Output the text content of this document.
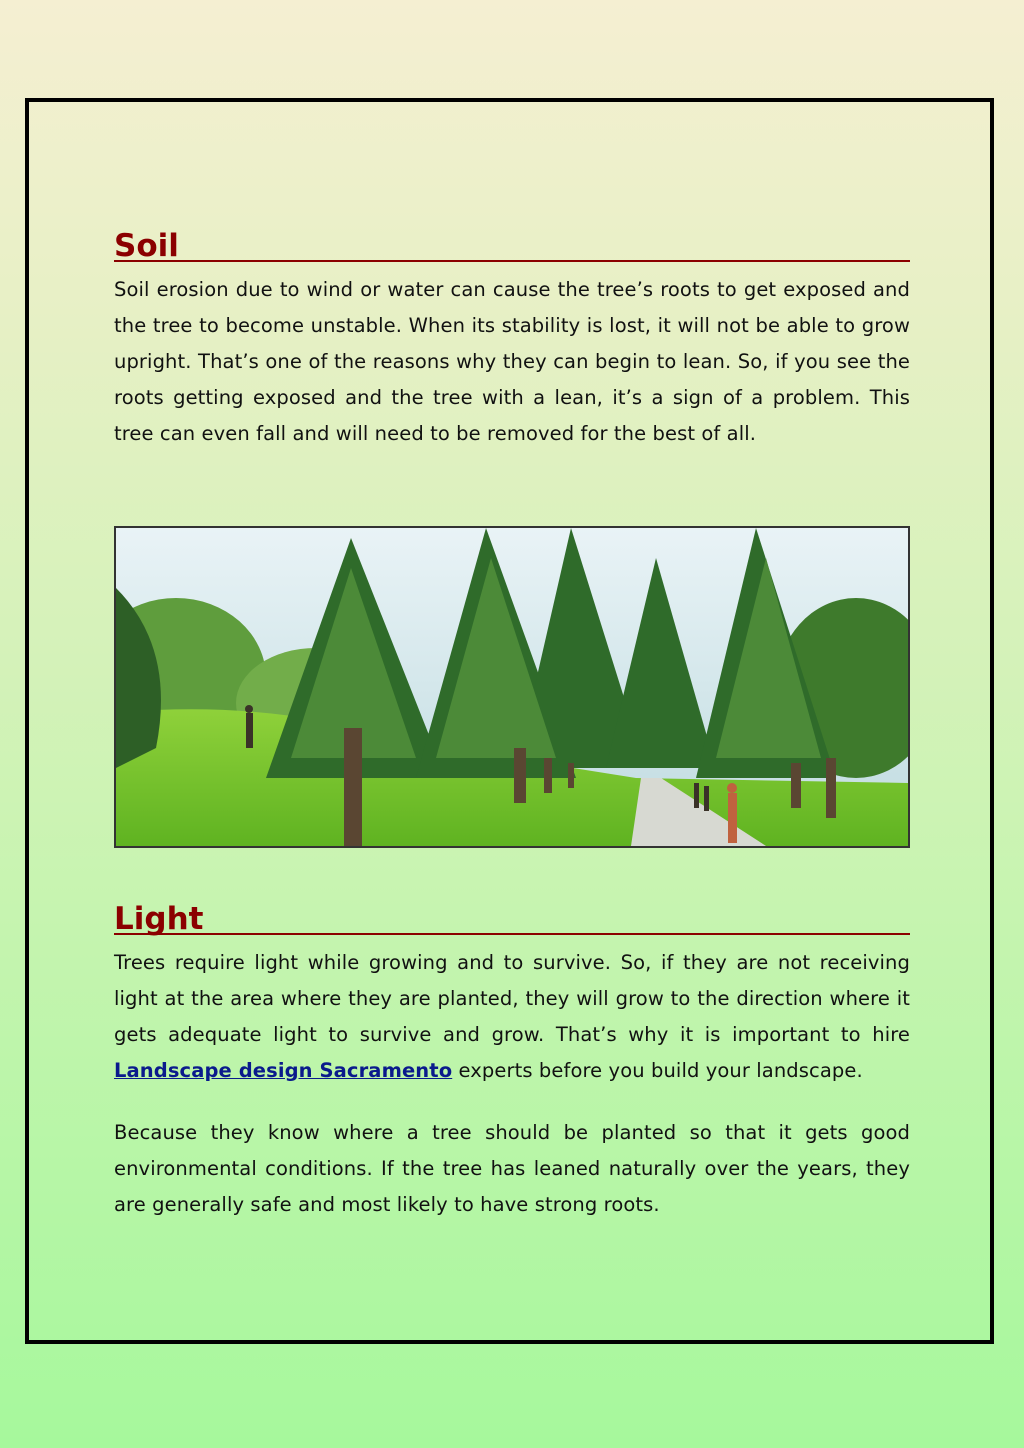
Soil

Soil erosion due to wind or water can cause the tree’s roots to get exposed and the tree to become unstable. When its stability is lost, it will not be able to grow upright. That’s one of the reasons why they can begin to lean. So, if you see the roots getting exposed and the tree with a lean, it’s a sign of a problem. This tree can even fall and will need to be removed for the best of all.

Light

Trees require light while growing and to survive. So, if they are not receiving light at the area where they are planted, they will grow to the direction where it gets adequate light to survive and grow. That’s why it is important to hire Landscape design Sacramento experts before you build your landscape.

Because they know where a tree should be planted so that it gets good environmental conditions. If the tree has leaned naturally over the years, they are generally safe and most likely to have strong roots.
